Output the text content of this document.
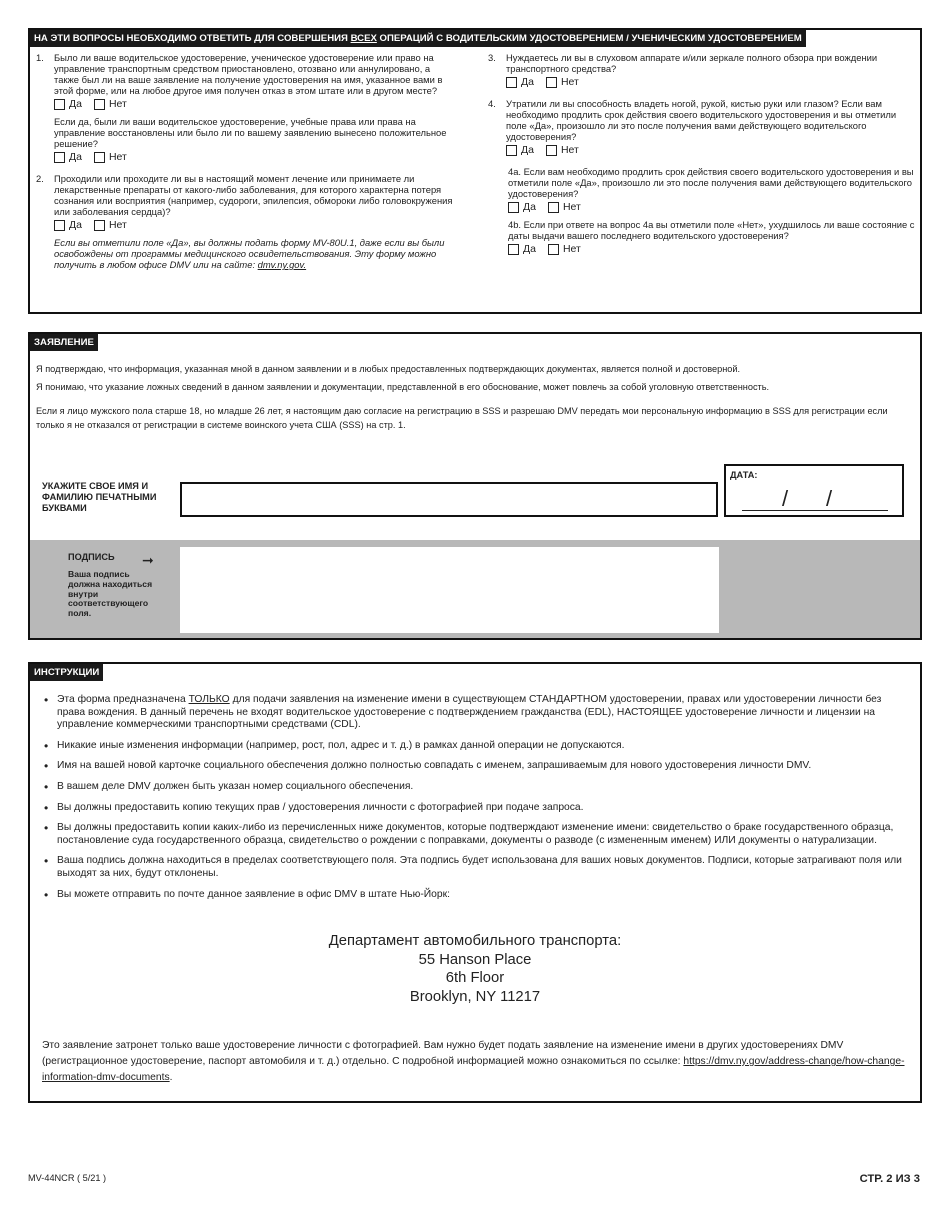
НА ЭТИ ВОПРОСЫ НЕОБХОДИМО ОТВЕТИТЬ ДЛЯ СОВЕРШЕНИЯ ВСЕХ ОПЕРАЦИЙ С ВОДИТЕЛЬСКИМ УДОСТОВЕРЕНИЕМ / УЧЕНИЧЕСКИМ УДОСТОВЕРЕНИЕМ
1.	Было ли ваше водительское удостоверение, ученическое удостоверение или право на управление транспортным средством приостановлено, отозвано или аннулировано, а также был ли на ваше заявление на получение удостоверения на имя, указанное вами в этой форме, или на любое другое имя получен отказ в этом штате или в другом месте?
Да	Нет
Если да, были ли ваши водительское удостоверение, учебные права или права на управление восстановлены или было ли по вашему заявлению вынесено положительное решение?
Да	Нет
2.	Проходили или проходите ли вы в настоящий момент лечение или принимаете ли лекарственные препараты от какого-либо заболевания, для которого характерна потеря сознания или восприятия (например, судороги, эпилепсия, обмороки либо головокружения или заболевания сердца)?
Да	Нет
Если вы отметили поле «Да», вы должны подать форму MV-80U.1, даже если вы были освобождены от программы медицинского освидетельствования. Эту форму можно получить в любом офисе DMV или на сайте: dmv.ny.gov.
3.	Нуждаетесь ли вы в слуховом аппарате и/или зеркале полного обзора при вождении транспортного средства?
Да	Нет
4.	Утратили ли вы способность владеть ногой, рукой, кистью руки или глазом? Если вам необходимо продлить срок действия своего водительского удостоверения и вы отметили поле «Да», произошло ли это после получения вами действующего водительского удостоверения?
Да	Нет
4a. Если вам необходимо продлить срок действия своего водительского удостоверения и вы отметили поле «Да», произошло ли это после получения вами действующего водительского удостоверения?
Да	Нет
4b. Если при ответе на вопрос 4a вы отметили поле «Нет», ухудшилось ли ваше состояние с даты выдачи вашего последнего водительского удостоверения?
Да	Нет
ЗАЯВЛЕНИЕ
Я подтверждаю, что информация, указанная мной в данном заявлении и в любых предоставленных подтверждающих документах, является полной и достоверной.
Я понимаю, что указание ложных сведений в данном заявлении и документации, представленной в его обоснование, может повлечь за собой уголовную ответственность.
Если я лицо мужского пола старше 18, но младше 26 лет, я настоящим даю согласие на регистрацию в SSS и разрешаю DMV передать мои персональную информацию в SSS для регистрации если только я не отказался от регистрации в системе воинского учета США (SSS) на стр. 1.
УКАЖИТЕ СВОЕ ИМЯ И ФАМИЛИЮ ПЕЧАТНЫМИ БУКВАМИ
ДАТА:
/ /
ПОДПИСЬ ➞
Ваша подпись должна находиться внутри соответствующего поля.
ИНСТРУКЦИИ
• Эта форма предназначена ТОЛЬКО для подачи заявления на изменение имени в существующем СТАНДАРТНОМ удостоверении, правах или удостоверении личности без права вождения. В данный перечень не входят водительское удостоверение с подтверждением гражданства (EDL), НАСТОЯЩЕЕ удостоверение личности и лицензии на управление коммерческими транспортными средствами (CDL).
• Никакие иные изменения информации (например, рост, пол, адрес и т. д.) в рамках данной операции не допускаются.
• Имя на вашей новой карточке социального обеспечения должно полностью совпадать с именем, запрашиваемым для нового удостоверения личности DMV.
• В вашем деле DMV должен быть указан номер социального обеспечения.
• Вы должны предоставить копию текущих прав / удостоверения личности с фотографией при подаче запроса.
• Вы должны предоставить копии каких-либо из перечисленных ниже документов, которые подтверждают изменение имени: свидетельство о браке государственного образца, постановление суда государственного образца, свидетельство о рождении с поправками, документы о разводе (с измененным именем) ИЛИ документы о натурализации.
• Ваша подпись должна находиться в пределах соответствующего поля. Эта подпись будет использована для ваших новых документов. Подписи, которые затрагивают поля или выходят за них, будут отклонены.
• Вы можете отправить по почте данное заявление в офис DMV в штате Нью-Йорк:
Департамент автомобильного транспорта:
55 Hanson Place
6th Floor
Brooklyn, NY 11217
Это заявление затронет только ваше удостоверение личности с фотографией. Вам нужно будет подать заявление на изменение имени в других удостоверениях DMV (регистрационное удостоверение, паспорт автомобиля и т. д.) отдельно. С подробной информацией можно ознакомиться по ссылке: https://dmv.ny.gov/address-change/how-change-information-dmv-documents.
MV-44NCR ( 5/21 )	СТР. 2 ИЗ 3
